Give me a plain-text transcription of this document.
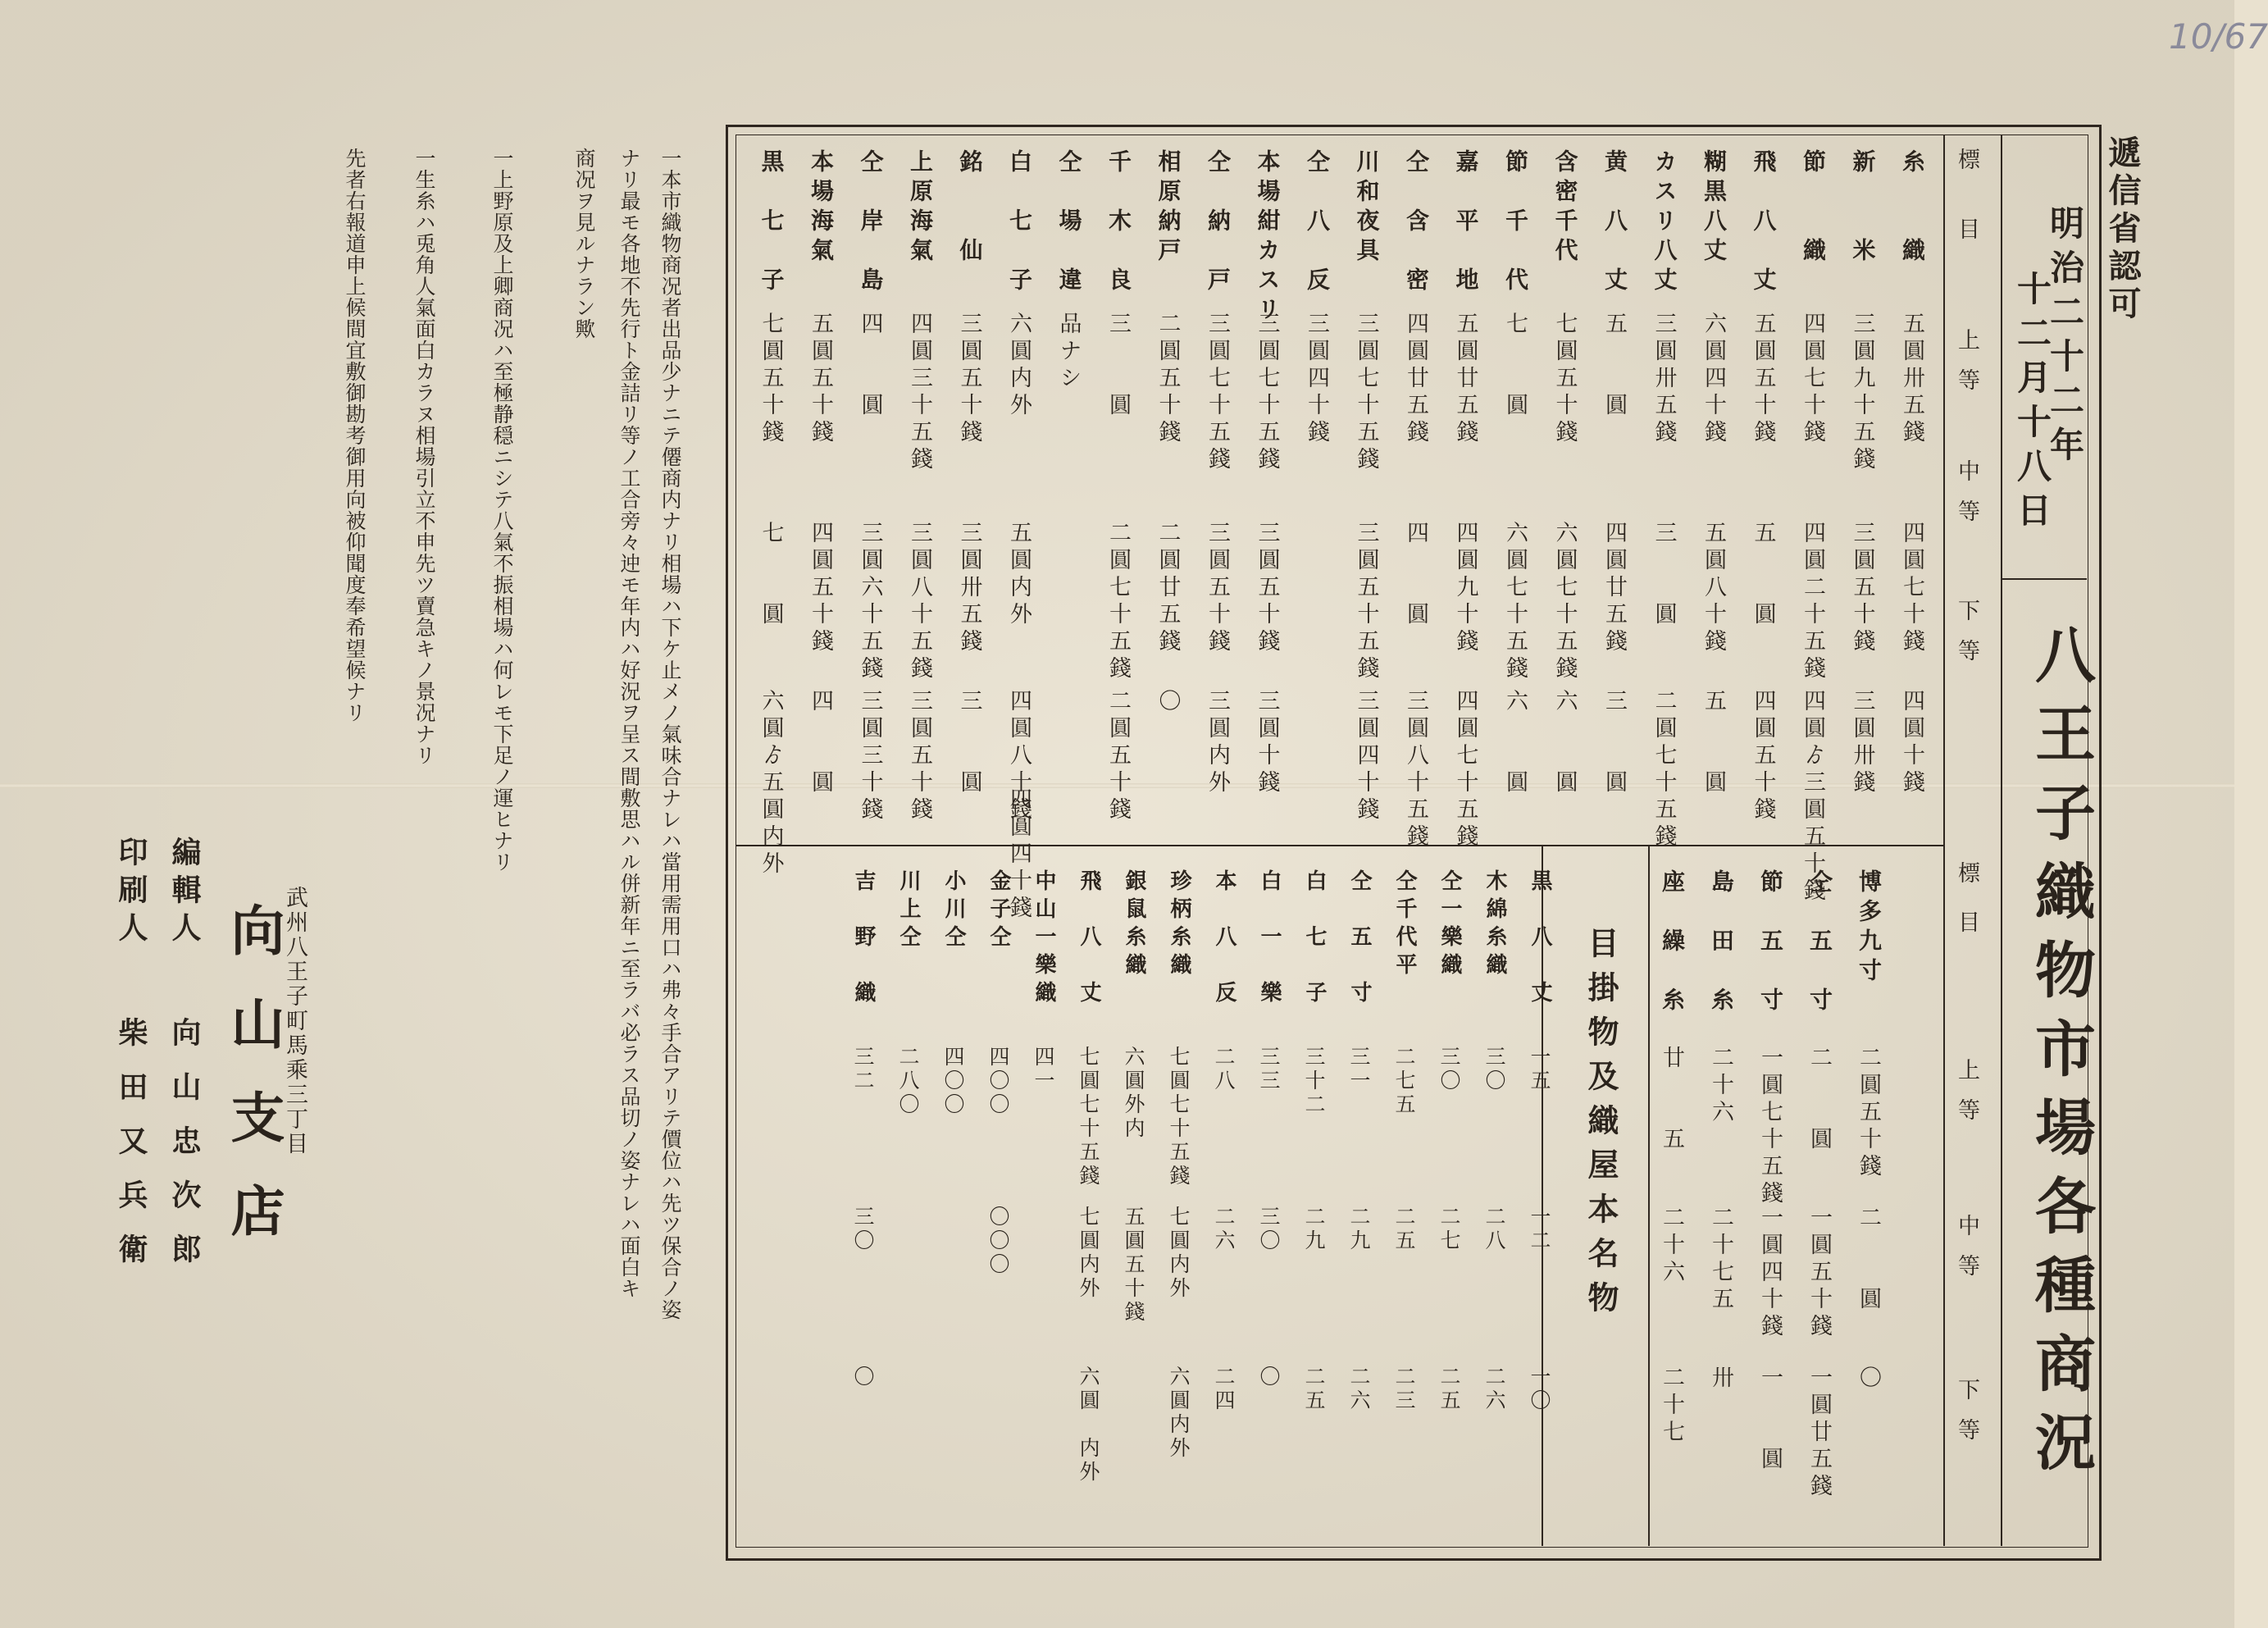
遞信省認可
10/67
明治二十二年
十二月十八日
八王子織物市場各種商況
標
目
上等
中等
下等
糸　　織
五圓卅五錢
四圓七十錢
四圓十錢
新　　米
三圓九十五錢
三圓五十錢
三圓卅錢
節　　織
四圓七十錢
四圓二十五錢
四圓ゟ三圓五十錢
飛　八　丈
五圓五十錢
五　　圓
四圓五十錢
糊黒八丈
六圓四十錢
五圓八十錢
五　　圓
カスリ八丈
三圓卅五錢
三　　圓
二圓七十五錢
黄　八　丈
五　　圓
四圓廿五錢
三　　圓
含密千代
七圓五十錢
六圓七十五錢
六　　圓
節　千　代
七　　圓
六圓七十五錢
六　　圓
嘉　平　地
五圓廿五錢
四圓九十錢
四圓七十五錢
仝　含　密
四圓廿五錢
四　　圓
三圓八十五錢
川和夜具
三圓七十五錢
三圓五十五錢
三圓四十錢
仝　八　反
三圓四十錢
本場紺カスリ
三圓七十五錢
三圓五十錢
三圓十錢
仝　納　戸
三圓七十五錢
三圓五十錢
三圓内外
相原納戸
二圓五十錢
二圓廿五錢
〇
千　木　良
三　　圓
二圓七十五錢
二圓五十錢
仝　場　違
品ナシ
白　七　子
六圓内外
五圓内外
四圓八十錢
四圓四十錢
銘　　仙
三圓五十錢
三圓卅五錢
三　　圓
上原海氣
四圓三十五錢
三圓八十五錢
三圓五十錢
仝　岸　島
四　　圓
三圓六十五錢
三圓三十錢
本場海氣
五圓五十錢
四圓五十錢
四　　圓
黒　七　子
七圓五十錢
七　　圓
六圓ゟ五圓内外
目掛物及織屋本名物
標
目
上等
中等
下等
博多九寸
二圓五十錢
二　　圓
〇
仝　五　寸
二　　圓
一圓五十錢
一圓廿五錢
節　五　寸
一圓七十五錢
一圓四十錢
一　　圓
島　田　糸
二十六
二十七五
卅
座　繰　糸
廿　　五
二十六
二十七
黒　八　丈
一五
一二
一〇
木綿糸織
三〇
二八
二六
仝一樂織
三〇
二七
二五
仝千代平
二七五
二五
二三
仝　五　寸
三一
二九
二六
白　七　子
三十二
二九
二五
白　一　樂
三三
三〇
〇
本　八　反
二八
二六
二四
珍柄糸織
七圓七十五錢
七圓内外
六圓内外
銀鼠糸織
六圓外内
五圓五十錢
飛　八　丈
七圓七十五錢
七圓内外
六圓　内外
中山一樂織
四一
金子仝
四〇〇
〇〇〇
小川仝
四〇〇
川上仝
二八〇
吉　野　織
三二
三〇
〇
一本市織物商况者出品少ナニテ僊商内ナリ相場ハ下ケ止メノ氣味合ナレハ當用需用口ハ弗々手合アリテ價位ハ先ツ保合ノ姿
ナリ最モ各地不先行ト金詰リ等ノ工合旁々迚モ年内ハ好況ヲ呈ス間敷思ハル併新年ニ至ラバ必ラス品切ノ姿ナレハ面白キ
商况ヲ見ルナラン歟
一上野原及上卿商况ハ至極静穏ニシテ八氣不振相場ハ何レモ下足ノ運ヒナリ
一生糸ハ兎角人氣面白カラヌ相場引立不申先ツ賣急キノ景况ナリ
先者右報道申上候間宜敷御勘考御用向被仰聞度奉希望候ナリ
武州八王子町馬乘三丁目
向山支店
編輯人
向山忠次郎
印刷人
柴田又兵衛
